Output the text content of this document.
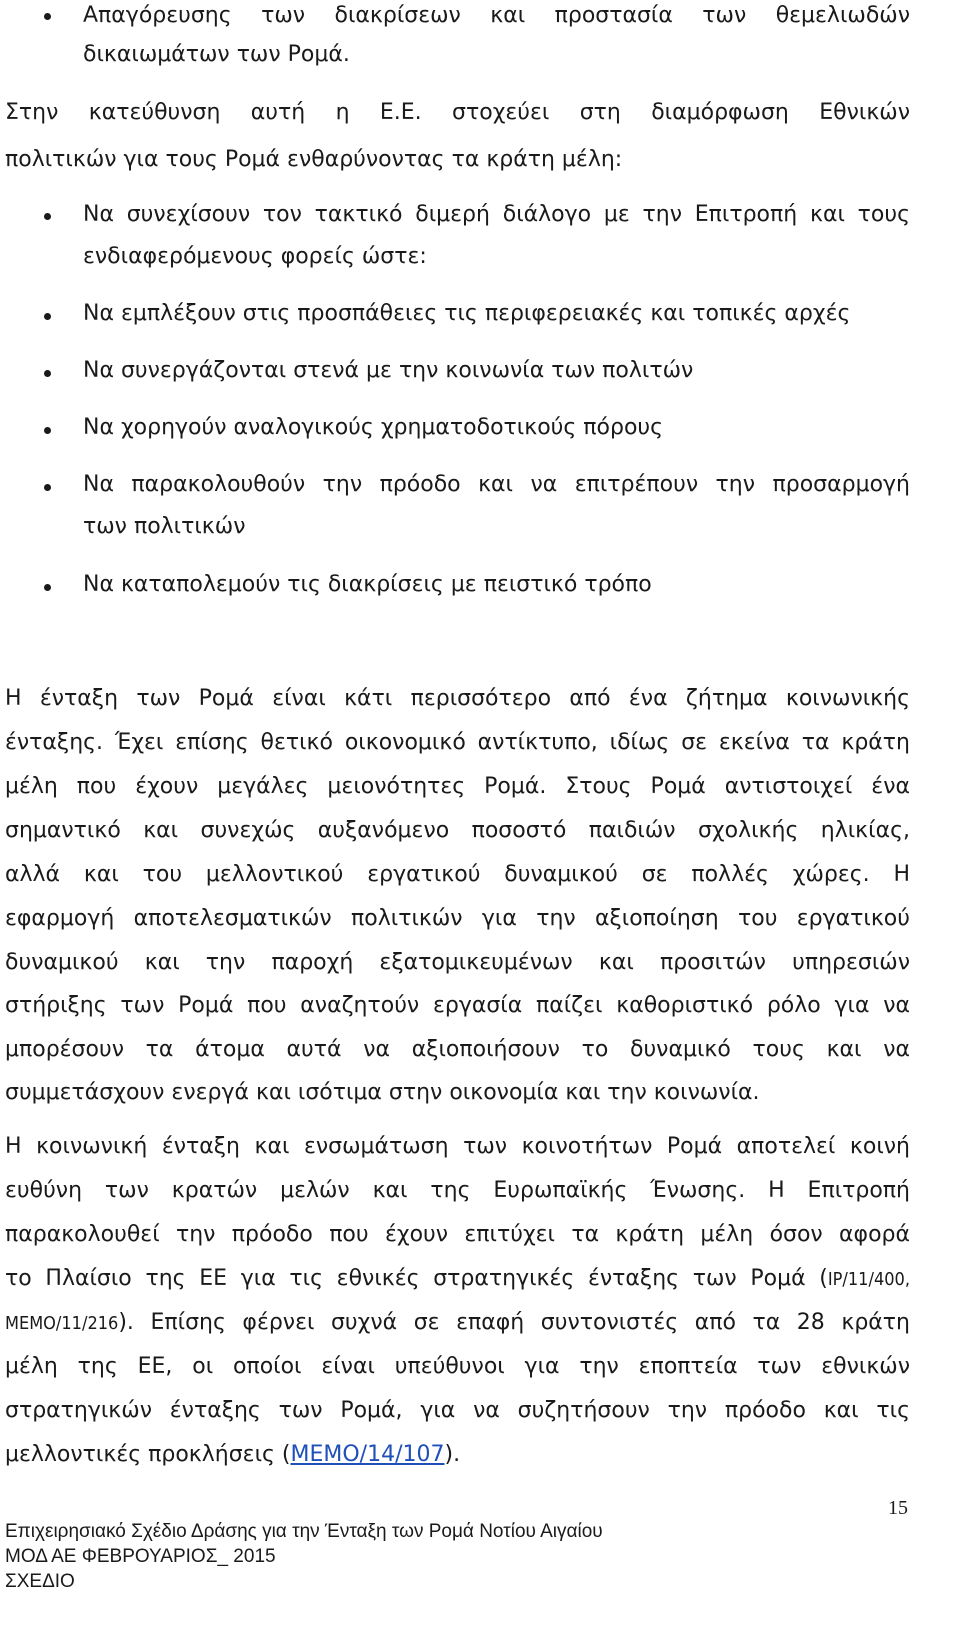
Απαγόρευσης των διακρίσεων και προστασία των θεμελιωδών
δικαιωμάτων των Ρομά.
Στην κατεύθυνση αυτή η Ε.Ε. στοχεύει στη διαμόρφωση Εθνικών
πολιτικών για τους Ρομά ενθαρύνοντας τα κράτη μέλη:
Να συνεχίσουν τον τακτικό διμερή διάλογο με την Επιτροπή και τους
ενδιαφερόμενους φορείς ώστε:
Να εμπλέξουν στις προσπάθειες τις περιφερειακές και τοπικές αρχές
Να συνεργάζονται στενά με την κοινωνία των πολιτών
Να χορηγούν αναλογικούς χρηματοδοτικούς πόρους
Να παρακολουθούν την πρόοδο και να επιτρέπουν την προσαρμογή
των πολιτικών
Να καταπολεμούν τις διακρίσεις με πειστικό τρόπο
Η ένταξη των Ρομά είναι κάτι περισσότερο από ένα ζήτημα κοινωνικής
ένταξης. Έχει επίσης θετικό οικονομικό αντίκτυπο, ιδίως σε εκείνα τα κράτη
μέλη που έχουν μεγάλες μειονότητες Ρομά. Στους Ρομά αντιστοιχεί ένα
σημαντικό και συνεχώς αυξανόμενο ποσοστό παιδιών σχολικής ηλικίας,
αλλά και του μελλοντικού εργατικού δυναμικού σε πολλές χώρες. Η
εφαρμογή αποτελεσματικών πολιτικών για την αξιοποίηση του εργατικού
δυναμικού και την παροχή εξατομικευμένων και προσιτών υπηρεσιών
στήριξης των Ρομά που αναζητούν εργασία παίζει καθοριστικό ρόλο για να
μπορέσουν τα άτομα αυτά να αξιοποιήσουν το δυναμικό τους και να
συμμετάσχουν ενεργά και ισότιμα στην οικονομία και την κοινωνία.
Η κοινωνική ένταξη και ενσωμάτωση των κοινοτήτων Ρομά αποτελεί κοινή
ευθύνη των κρατών μελών και της Ευρωπαϊκής Ένωσης. Η Επιτροπή
παρακολουθεί την πρόοδο που έχουν επιτύχει τα κράτη μέλη όσον αφορά
το Πλαίσιο της ΕΕ για τις εθνικές στρατηγικές ένταξης των Ρομά (IP/11/400,
MEMO/11/216). Επίσης φέρνει συχνά σε επαφή συντονιστές από τα 28 κράτη
μέλη της ΕΕ, οι οποίοι είναι υπεύθυνοι για την εποπτεία των εθνικών
στρατηγικών ένταξης των Ρομά, για να συζητήσουν την πρόοδο και τις
μελλοντικές προκλήσεις (MEMO/14/107).
15
Επιχειρησιακό Σχέδιο Δράσης για την Ένταξη των Ρομά Νοτίου Αιγαίου
ΜΟΔ ΑΕ ΦΕΒΡΟΥΑΡΙΟΣ_ 2015
ΣΧΕΔΙΟ
